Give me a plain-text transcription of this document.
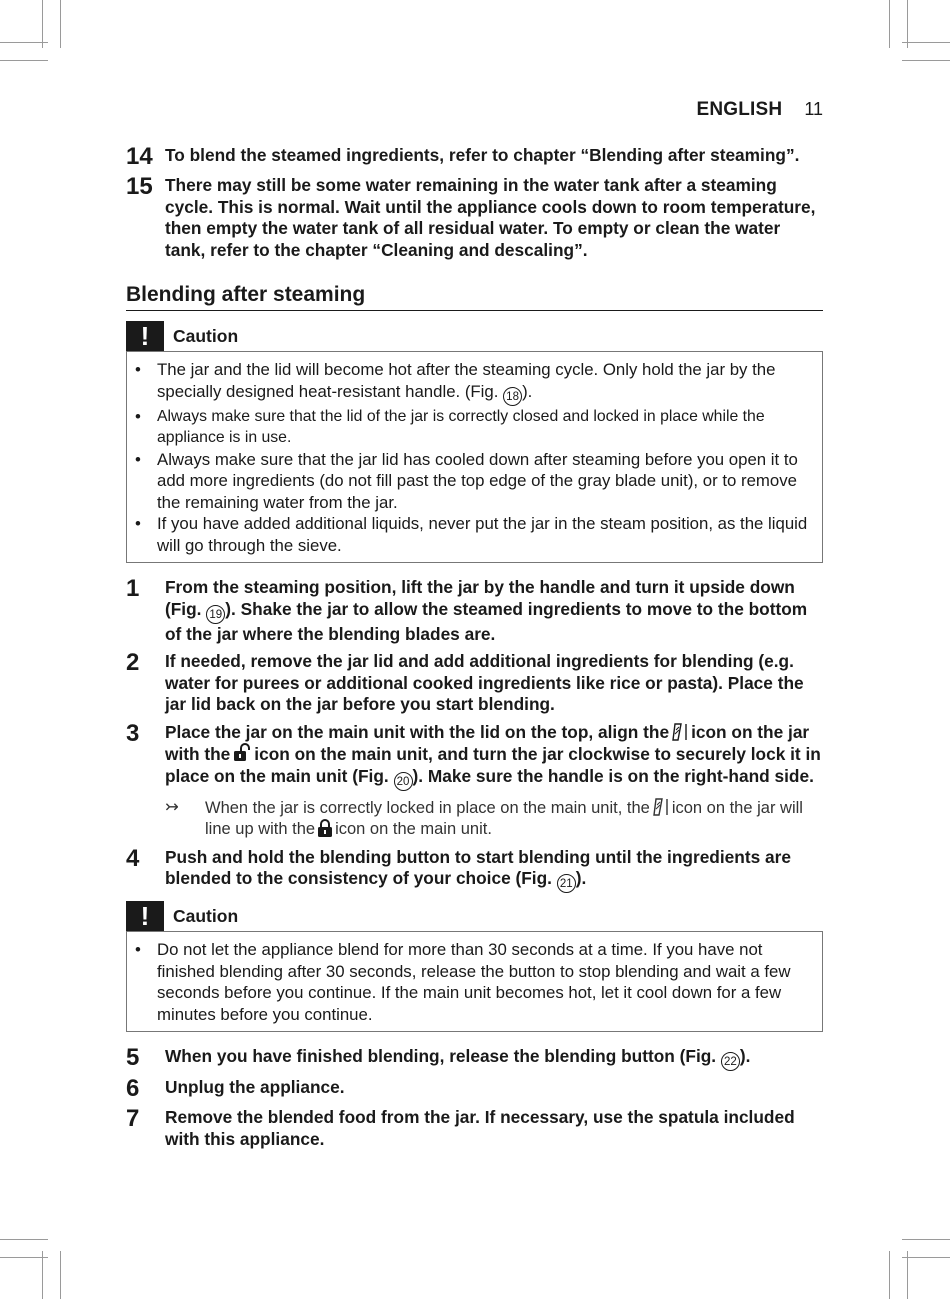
ENGLISH 11
14 To blend the steamed ingredients, refer to chapter “Blending after steaming”.
15 There may still be some water remaining in the water tank after a steaming cycle. This is normal. Wait until the appliance cools down to room temperature, then empty the water tank of all residual water. To empty or clean the water tank, refer to the chapter “Cleaning and descaling”.
Blending after steaming
!	Caution
• The jar and the lid will become hot after the steaming cycle. Only hold the jar by the specially designed heat-resistant handle. (Fig. 18 ).
•	Always make sure that the lid of the jar is correctly closed and locked in place while the appliance is in use.
• Always make sure that the jar lid has cooled down after steaming before you open it to add more ingredients (do not fill past the top edge of the gray blade unit), or to remove the remaining water from the jar.
• If you have added additional liquids, never put the jar in the steam position, as the liquid will go through the sieve.
1	From the steaming position, lift the jar by the handle and turn it upside down (Fig. 19 ). Shake the jar to allow the steamed ingredients to move to the bottom of the jar where the blending blades are.
2	If needed, remove the jar lid and add additional ingredients for blending (e.g. water for purees or additional cooked ingredients like rice or pasta). Place the jar lid back on the jar before you start blending.
3	Place the jar on the main unit with the lid on the top, align the icon on the jar with the icon on the main unit, and turn the jar clockwise to securely lock it in place on the main unit (Fig. 20 ). Make sure the handle is on the right-hand side.
↣	When the jar is correctly locked in place on the main unit, the icon on the jar will line up with the icon on the main unit.
4	Push and hold the blending button to start blending until the ingredients are blended to the consistency of your choice (Fig. 21 ).
!	Caution
• Do not let the appliance blend for more than 30 seconds at a time. If you have not finished blending after 30 seconds, release the button to stop blending and wait a few seconds before you continue. If the main unit becomes hot, let it cool down for a few minutes before you continue.
5	When you have finished blending, release the blending button (Fig. 22 ).
6	Unplug the appliance.
7	Remove the blended food from the jar. If necessary, use the spatula included with this appliance.
